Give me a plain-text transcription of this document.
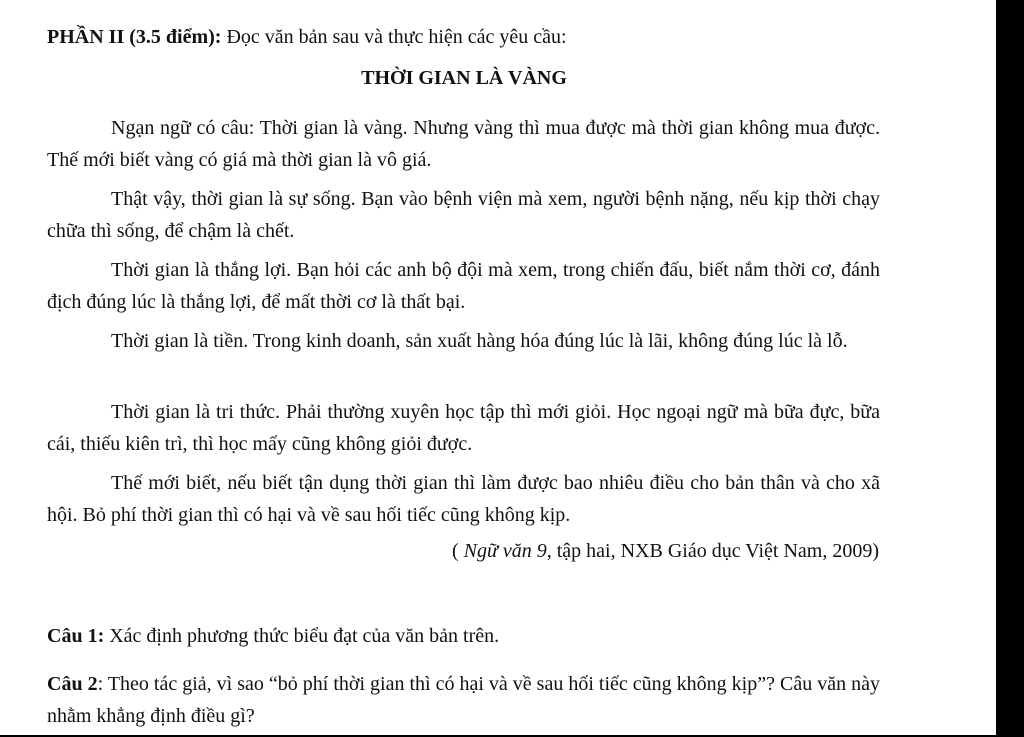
PHẦN II (3.5 điểm): Đọc văn bản sau và thực hiện các yêu cầu:
THỜI GIAN LÀ VÀNG
Ngạn ngữ có câu: Thời gian là vàng. Nhưng vàng thì mua được mà thời gian không mua được. Thế mới biết vàng có giá mà thời gian là vô giá.
Thật vậy, thời gian là sự sống. Bạn vào bệnh viện mà xem, người bệnh nặng, nếu kịp thời chạy chữa thì sống, để chậm là chết.
Thời gian là thắng lợi. Bạn hỏi các anh bộ đội mà xem, trong chiến đấu, biết nắm thời cơ, đánh địch đúng lúc là thắng lợi, để mất thời cơ là thất bại.
Thời gian là tiền. Trong kinh doanh, sản xuất hàng hóa đúng lúc là lãi, không đúng lúc là lỗ.
Thời gian là tri thức. Phải thường xuyên học tập thì mới giỏi. Học ngoại ngữ mà bữa đực, bữa cái, thiếu kiên trì, thì học mấy cũng không giỏi được.
Thế mới biết, nếu biết tận dụng thời gian thì làm được bao nhiêu điều cho bản thân và cho xã hội. Bỏ phí thời gian thì có hại và về sau hối tiếc cũng không kịp.
( Ngữ văn 9, tập hai, NXB Giáo dục Việt Nam, 2009)
Câu 1: Xác định phương thức biểu đạt của văn bản trên.
Câu 2: Theo tác giả, vì sao “bỏ phí thời gian thì có hại và về sau hối tiếc cũng không kịp”? Câu văn này nhằm khẳng định điều gì?
